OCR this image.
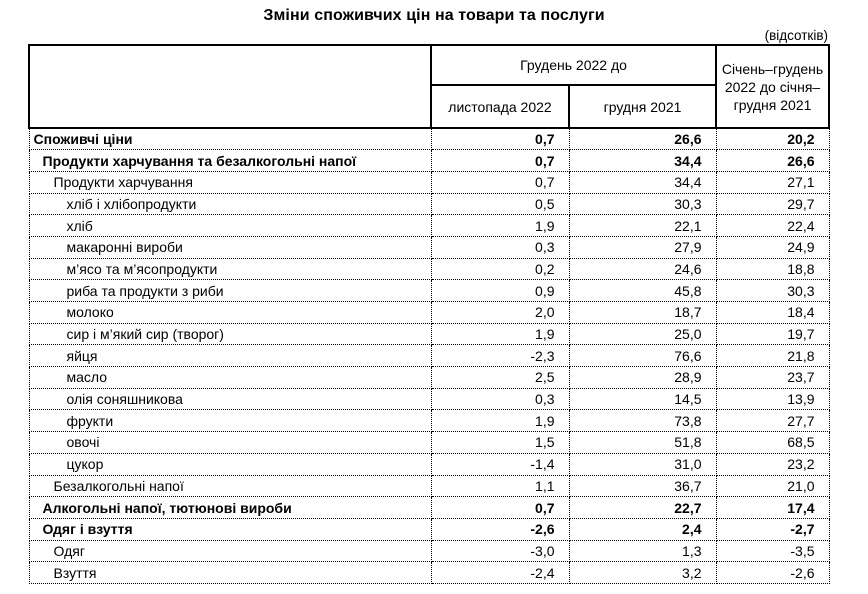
Зміни споживчих цін на товари та послуги
(відсотків)
	Грудень 2022 до		Січень–грудень 2022 до січня–грудня 2021
	листопада 2022	грудня 2021	
Споживчі ціни	0,7	26,6	20,2
Продукти харчування та безалкогольні напої	0,7	34,4	26,6
Продукти харчування	0,7	34,4	27,1
хліб і хлібопродукти	0,5	30,3	29,7
хліб	1,9	22,1	22,4
макаронні вироби	0,3	27,9	24,9
м’ясо та м’ясопродукти	0,2	24,6	18,8
риба та продукти з риби	0,9	45,8	30,3
молоко	2,0	18,7	18,4
сир і м’який сир (творог)	1,9	25,0	19,7
яйця	-2,3	76,6	21,8
масло	2,5	28,9	23,7
олія соняшникова	0,3	14,5	13,9
фрукти	1,9	73,8	27,7
овочі	1,5	51,8	68,5
цукор	-1,4	31,0	23,2
Безалкогольні напої	1,1	36,7	21,0
Алкогольні напої, тютюнові вироби	0,7	22,7	17,4
Одяг і взуття	-2,6	2,4	-2,7
Одяг	-3,0	1,3	-3,5
Взуття	-2,4	3,2	-2,6
